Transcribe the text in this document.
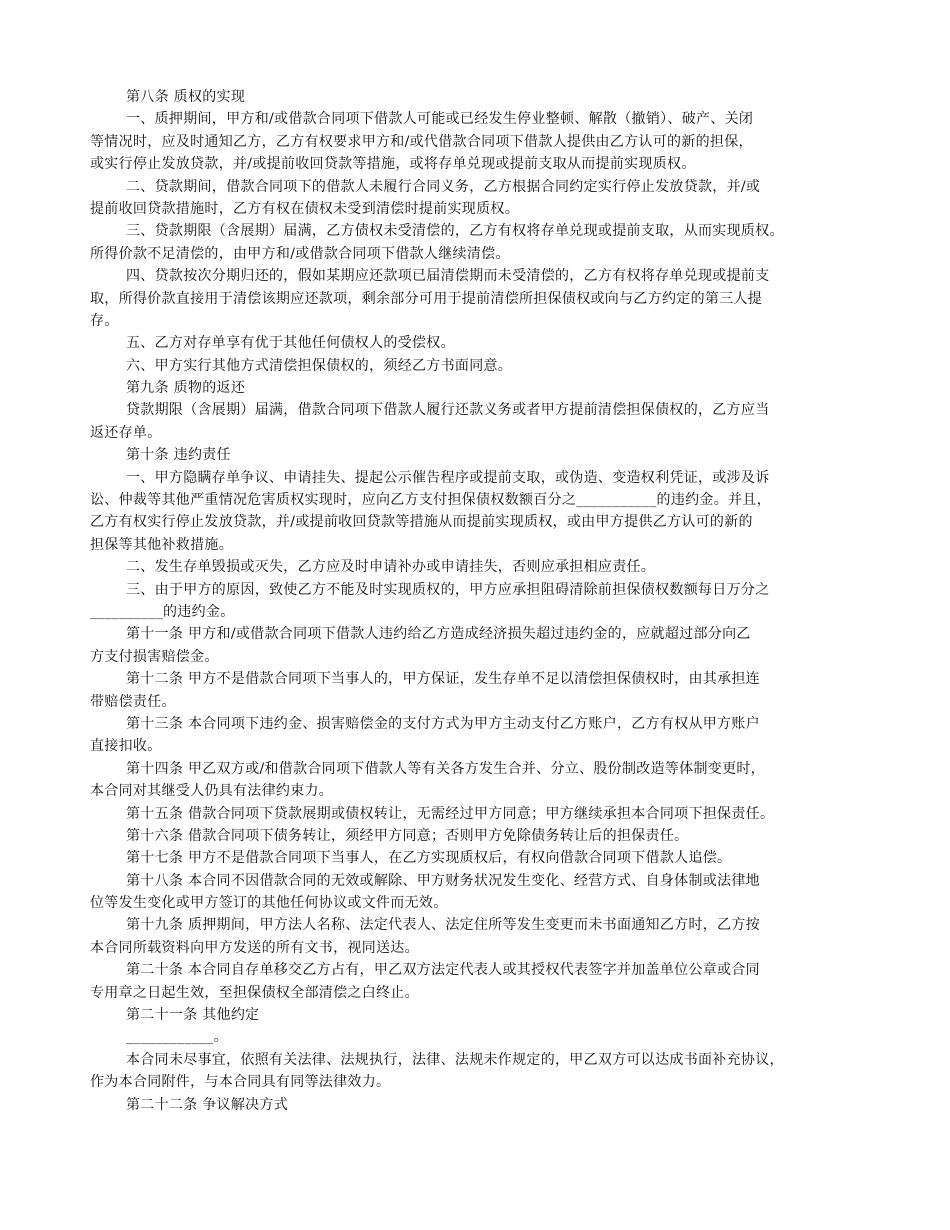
第八条 质权的实现
一、质押期间，甲方和/或借款合同项下借款人可能或已经发生停业整顿、解散（撤销）、破产、关闭
等情况时，应及时通知乙方，乙方有权要求甲方和/或代借款合同项下借款人提供由乙方认可的新的担保，
或实行停止发放贷款，并/或提前收回贷款等措施，或将存单兑现或提前支取从而提前实现质权。
二、贷款期间，借款合同项下的借款人未履行合同义务，乙方根据合同约定实行停止发放贷款，并/或
提前收回贷款措施时，乙方有权在债权未受到清偿时提前实现质权。
三、贷款期限（含展期）届满，乙方债权未受清偿的，乙方有权将存单兑现或提前支取，从而实现质权。
所得价款不足清偿的，由甲方和/或借款合同项下借款人继续清偿。
四、贷款按次分期归还的，假如某期应还款项已届清偿期而未受清偿的，乙方有权将存单兑现或提前支
取，所得价款直接用于清偿该期应还款项，剩余部分可用于提前清偿所担保债权或向与乙方约定的第三人提
存。
五、乙方对存单享有优于其他任何债权人的受偿权。
六、甲方实行其他方式清偿担保债权的，须经乙方书面同意。
第九条 质物的返还
贷款期限（含展期）届满，借款合同项下借款人履行还款义务或者甲方提前清偿担保债权的，乙方应当
返还存单。
第十条 违约责任
一、甲方隐瞒存单争议、申请挂失、提起公示催告程序或提前支取，或伪造、变造权利凭证，或涉及诉
讼、仲裁等其他严重情况危害质权实现时，应向乙方支付担保债权数额百分之___________的违约金。并且，
乙方有权实行停止发放贷款，并/或提前收回贷款等措施从而提前实现质权，或由甲方提供乙方认可的新的
担保等其他补救措施。
二、发生存单毁损或灭失，乙方应及时申请补办或申请挂失，否则应承担相应责任。
三、由于甲方的原因，致使乙方不能及时实现质权的，甲方应承担阻碍清除前担保债权数额每日万分之
__________的违约金。
第十一条 甲方和/或借款合同项下借款人违约给乙方造成经济损失超过违约金的，应就超过部分向乙
方支付损害赔偿金。
第十二条 甲方不是借款合同项下当事人的，甲方保证，发生存单不足以清偿担保债权时，由其承担连
带赔偿责任。
第十三条 本合同项下违约金、损害赔偿金的支付方式为甲方主动支付乙方账户，乙方有权从甲方账户
直接扣收。
第十四条 甲乙双方或/和借款合同项下借款人等有关各方发生合并、分立、股份制改造等体制变更时，
本合同对其继受人仍具有法律约束力。
第十五条 借款合同项下贷款展期或债权转让，无需经过甲方同意；甲方继续承担本合同项下担保责任。
第十六条 借款合同项下债务转让，须经甲方同意；否则甲方免除债务转让后的担保责任。
第十七条 甲方不是借款合同项下当事人，在乙方实现质权后，有权向借款合同项下借款人追偿。
第十八条 本合同不因借款合同的无效或解除、甲方财务状况发生变化、经营方式、自身体制或法律地
位等发生变化或甲方签订的其他任何协议或文件而无效。
第十九条 质押期间，甲方法人名称、法定代表人、法定住所等发生变更而未书面通知乙方时，乙方按
本合同所载资料向甲方发送的所有文书，视同送达。
第二十条 本合同自存单移交乙方占有，甲乙双方法定代表人或其授权代表签字并加盖单位公章或合同
专用章之日起生效，至担保债权全部清偿之白终止。
第二十一条 其他约定
____________。
本合同未尽事宜，依照有关法律、法规执行，法律、法规未作规定的，甲乙双方可以达成书面补充协议，
作为本合同附件，与本合同具有同等法律效力。
第二十二条 争议解决方式
